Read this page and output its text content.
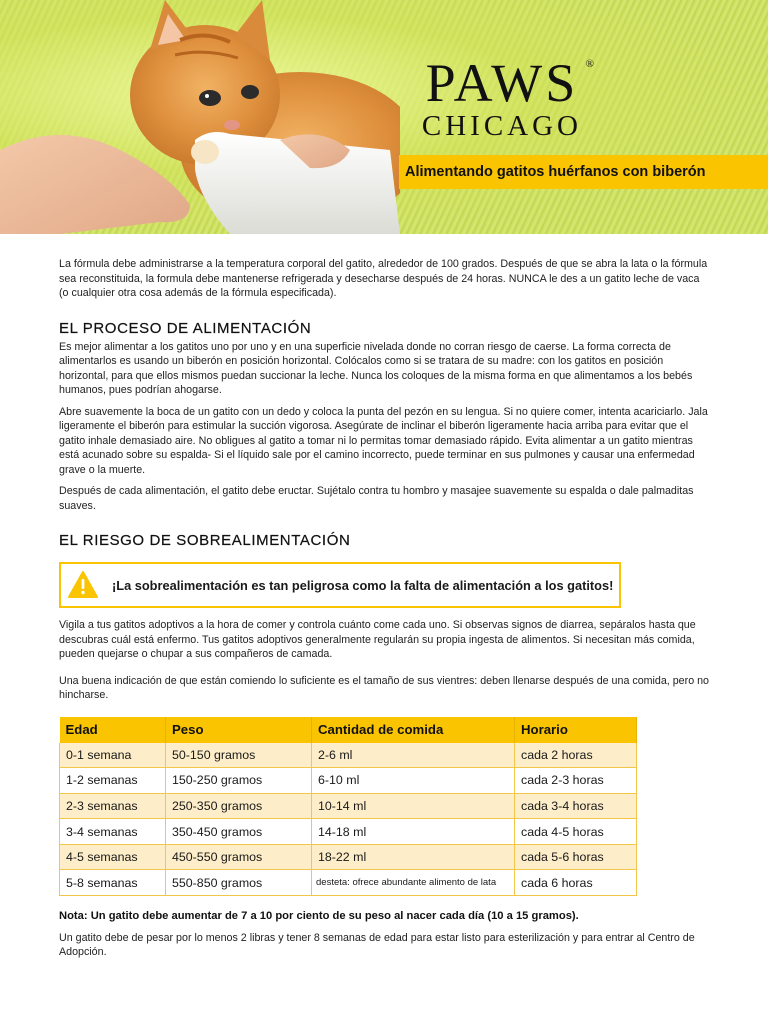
PAWS ®
CHICAGO
Alimentando gatitos huérfanos con biberón

La fórmula debe administrarse a la temperatura corporal del gatito, alrededor de 100 grados. Después de que se abra la lata o la fórmula sea reconstituida, la formula debe mantenerse refrigerada y desecharse después de 24 horas. NUNCA le des a un gatito leche de vaca (o cualquier otra cosa además de la fórmula especificada).

EL PROCESO DE ALIMENTACIÓN

Es mejor alimentar a los gatitos uno por uno y en una superficie nivelada donde no corran riesgo de caerse. La forma correcta de alimentarlos es usando un biberón en posición horizontal. Colócalos como si se tratara de su madre: con los gatitos en posición horizontal, para que ellos mismos puedan succionar la leche. Nunca los coloques de la misma forma en que alimentamos a los bebés humanos, pues podrían ahogarse.

Abre suavemente la boca de un gatito con un dedo y coloca la punta del pezón en su lengua. Si no quiere comer, intenta acariciarlo. Jala ligeramente el biberón para estimular la succión vigorosa. Asegúrate de inclinar el biberón ligeramente hacia arriba para evitar que el gatito inhale demasiado aire. No obligues al gatito a tomar ni lo permitas tomar demasiado rápido. Evita alimentar a un gatito mientras está acunado sobre su espalda- Si el líquido sale por el camino incorrecto, puede terminar en sus pulmones y causar una enfermedad grave o la muerte.

Después de cada alimentación, el gatito debe eructar. Sujétalo contra tu hombro y masajee suavemente su espalda o dale palmaditas suaves.

EL RIESGO DE SOBREALIMENTACIÓN
¡La sobrealimentación es tan peligrosa como la falta de alimentación a los gatitos!

Vigila a tus gatitos adoptivos a la hora de comer y controla cuánto come cada uno. Si observas signos de diarrea, sepáralos hasta que descubras cuál está enfermo. Tus gatitos adoptivos generalmente regularán su propia ingesta de alimentos. Si necesitan más comida, pueden quejarse o chupar a sus compañeros de camada.

Una buena indicación de que están comiendo lo suficiente es el tamaño de sus vientres: deben llenarse después de una comida, pero no hincharse.

Edad	Peso	Cantidad de comida	Horario
0-1 semana	50-150 gramos	2-6 ml	cada 2 horas
1-2 semanas	150-250 gramos	6-10 ml	cada 2-3 horas
2-3 semanas	250-350 gramos	10-14 ml	cada 3-4 horas
3-4 semanas	350-450 gramos	14-18 ml	cada 4-5 horas
4-5 semanas	450-550 gramos	18-22 ml	cada 5-6 horas
5-8 semanas	550-850 gramos	desteta: ofrece abundante alimento de lata	cada 6 horas

Nota: Un gatito debe aumentar de 7 a 10 por ciento de su peso al nacer cada día (10 a 15 gramos).

Un gatito debe de pesar por lo menos 2 libras y tener 8 semanas de edad para estar listo para esterilización y para entrar al Centro de Adopción.
